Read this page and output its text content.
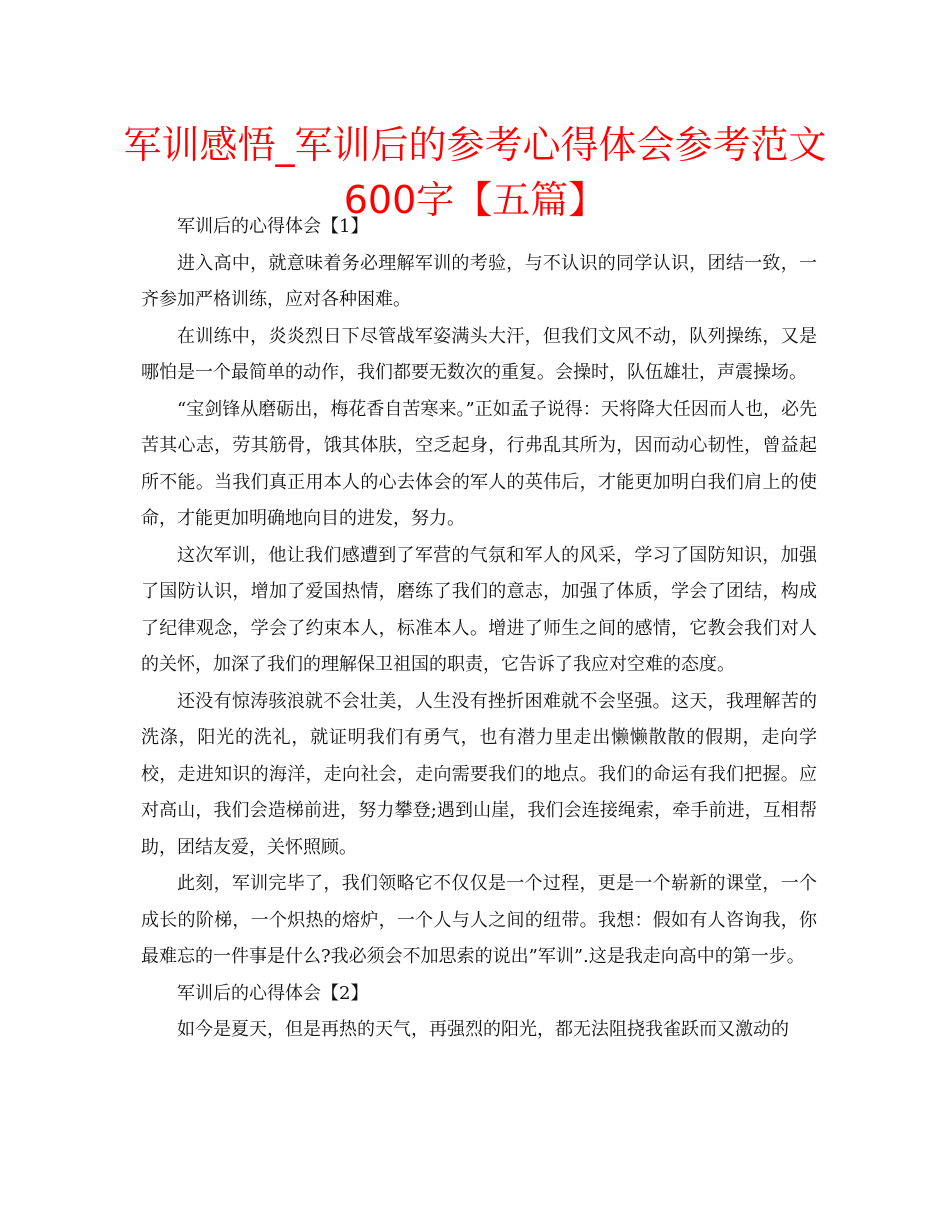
军训感悟_军训后的参考心得体会参考范文600字【五篇】

军训后的心得体会【1】

进入高中，就意味着务必理解军训的考验，与不认识的同学认识，团结一致，一齐参加严格训练，应对各种困难。

在训练中，炎炎烈日下尽管战军姿满头大汗，但我们文风不动，队列操练，又是哪怕是一个最简单的动作，我们都要无数次的重复。会操时，队伍雄壮，声震操场。

“宝剑锋从磨砺出，梅花香自苦寒来。”正如孟子说得：天将降大任因而人也，必先苦其心志，劳其筋骨，饿其体肤，空乏起身，行弗乱其所为，因而动心韧性，曾益起所不能。当我们真正用本人的心去体会的军人的英伟后，才能更加明白我们肩上的使命，才能更加明确地向目的进发，努力。

这次军训，他让我们感遭到了军营的气氛和军人的风采，学习了国防知识，加强了国防认识，增加了爱国热情，磨练了我们的意志，加强了体质，学会了团结，构成了纪律观念，学会了约束本人，标准本人。增进了师生之间的感情，它教会我们对人的关怀，加深了我们的理解保卫祖国的职责，它告诉了我应对空难的态度。

还没有惊涛骇浪就不会壮美，人生没有挫折困难就不会坚强。这天，我理解苦的洗涤，阳光的洗礼，就证明我们有勇气，也有潜力里走出懒懒散散的假期，走向学校，走进知识的海洋，走向社会，走向需要我们的地点。我们的命运有我们把握。应对高山，我们会造梯前进，努力攀登;遇到山崖，我们会连接绳索，牵手前进，互相帮助，团结友爱，关怀照顾。

此刻，军训完毕了，我们领略它不仅仅是一个过程，更是一个崭新的课堂，一个成长的阶梯，一个炽热的熔炉，一个人与人之间的纽带。我想：假如有人咨询我，你最难忘的一件事是什么?我必须会不加思索的说出”军训”.这是我走向高中的第一步。

军训后的心得体会【2】

如今是夏天，但是再热的天气，再强烈的阳光，都无法阻挠我雀跃而又激动的
